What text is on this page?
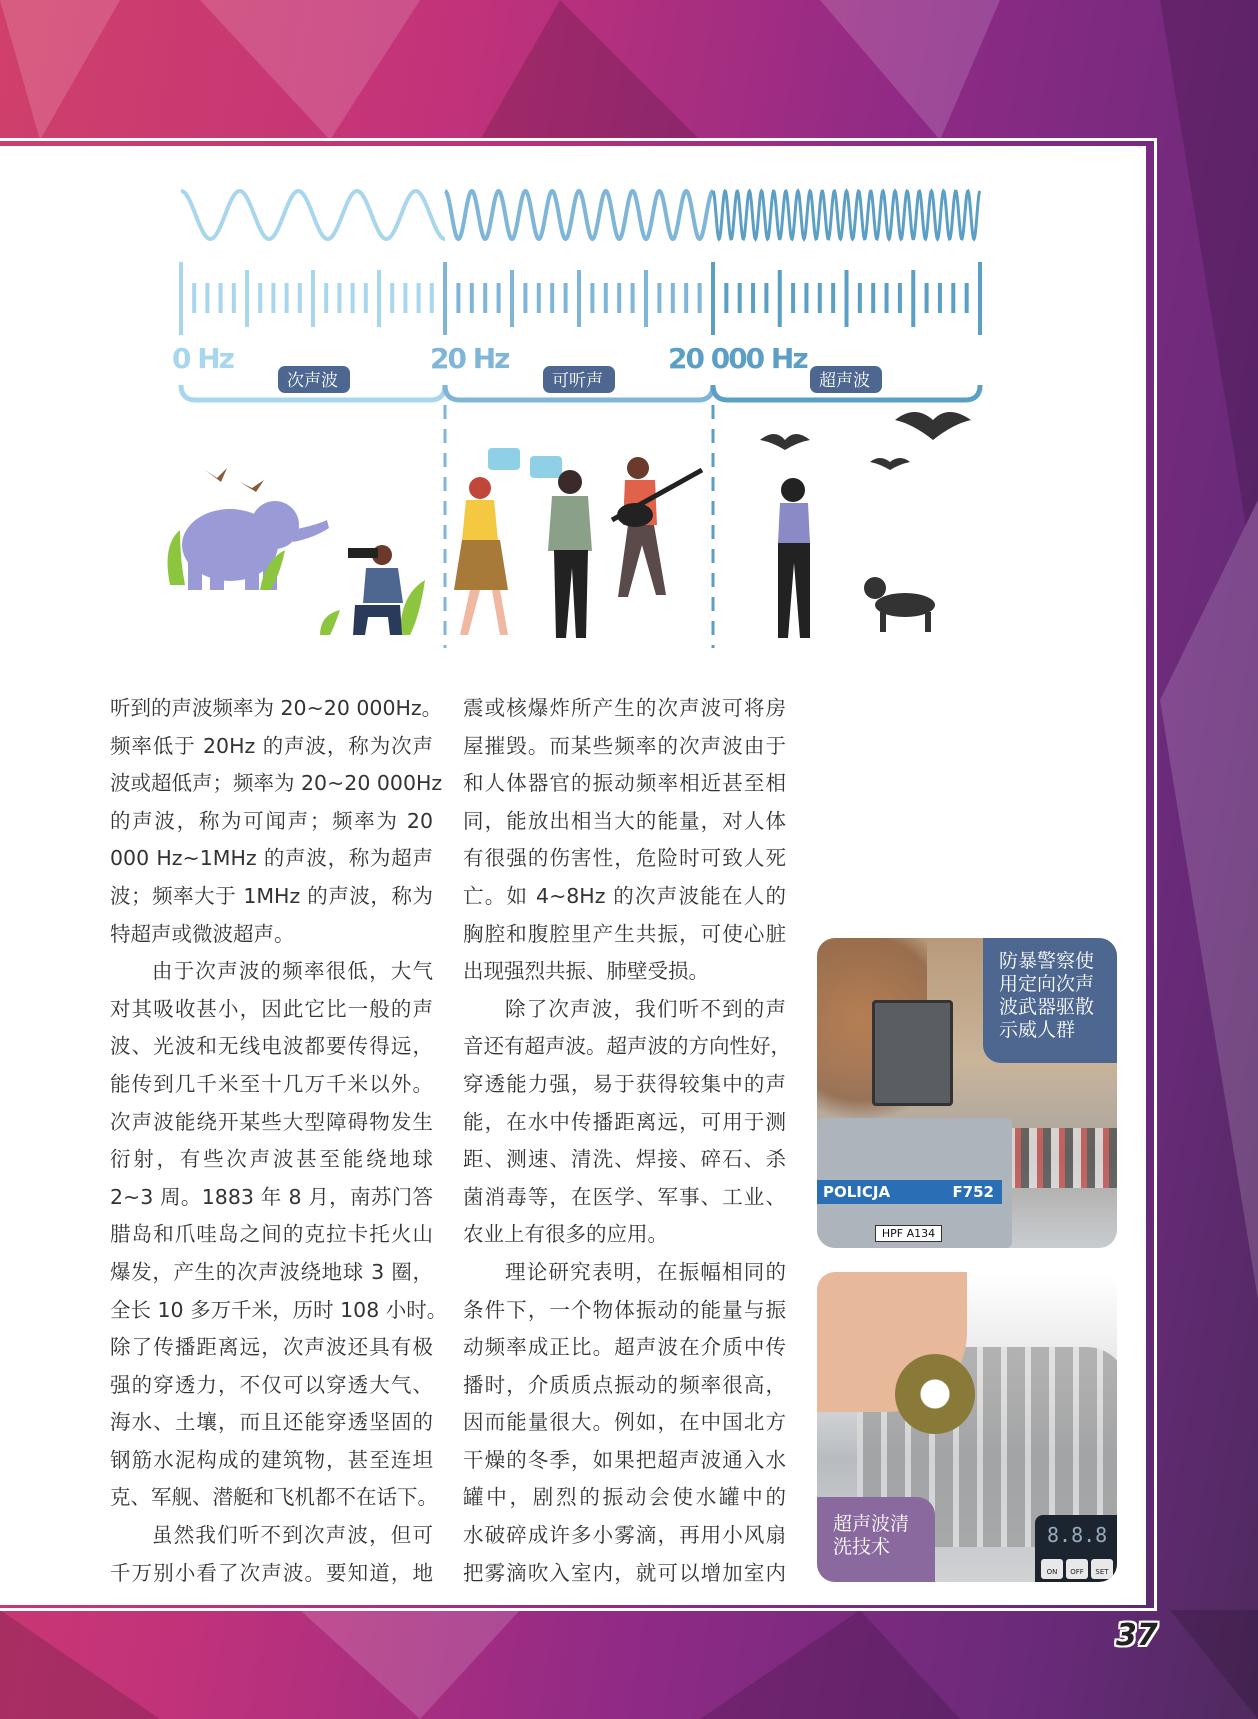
0 Hz	20 Hz	20 000 Hz
次声波	可听声	超声波
听到的声波频率为 20~20 000Hz。
频率低于 20Hz 的声波，称为次声
波或超低声；频率为 20~20 000Hz
的声波，称为可闻声；频率为 20
000 Hz~1MHz 的声波，称为超声
波；频率大于 1MHz 的声波，称为
特超声或微波超声。
由于次声波的频率很低，大气
对其吸收甚小，因此它比一般的声
波、光波和无线电波都要传得远，
能传到几千米至十几万千米以外。
次声波能绕开某些大型障碍物发生
衍射，有些次声波甚至能绕地球
2~3 周。1883 年 8 月，南苏门答
腊岛和爪哇岛之间的克拉卡托火山
爆发，产生的次声波绕地球 3 圈，
全长 10 多万千米，历时 108 小时。
除了传播距离远，次声波还具有极
强的穿透力，不仅可以穿透大气、
海水、土壤，而且还能穿透坚固的
钢筋水泥构成的建筑物，甚至连坦
克、军舰、潜艇和飞机都不在话下。
虽然我们听不到次声波，但可
千万别小看了次声波。要知道，地
震或核爆炸所产生的次声波可将房
屋摧毁。而某些频率的次声波由于
和人体器官的振动频率相近甚至相
同，能放出相当大的能量，对人体
有很强的伤害性，危险时可致人死
亡。如 4~8Hz 的次声波能在人的
胸腔和腹腔里产生共振，可使心脏
出现强烈共振、肺壁受损。
除了次声波，我们听不到的声
音还有超声波。超声波的方向性好，
穿透能力强，易于获得较集中的声
能，在水中传播距离远，可用于测
距、测速、清洗、焊接、碎石、杀
菌消毒等，在医学、军事、工业、
农业上有很多的应用。
理论研究表明，在振幅相同的
条件下，一个物体振动的能量与振
动频率成正比。超声波在介质中传
播时，介质质点振动的频率很高，
因而能量很大。例如，在中国北方
干燥的冬季，如果把超声波通入水
罐中，剧烈的振动会使水罐中的
水破碎成许多小雾滴，再用小风扇
把雾滴吹入室内，就可以增加室内
POLICJA	F752
HPF A134
防暴警察使
用定向次声
波武器驱散
示威人群
8.8.8
ON	OFF	SET
超声波清
洗技术
37
